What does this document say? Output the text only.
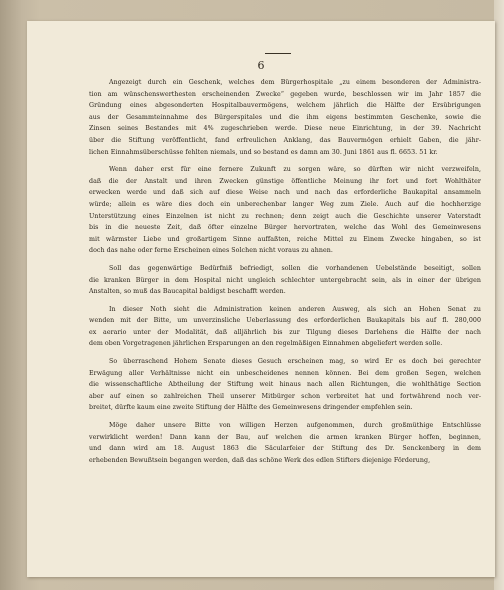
6
Angezeigt durch ein Geschenk, welches dem Bürgerhospitale „zu einem besonderen der Administra-
tion am wünschenswerthesten erscheinenden Zwecke“ gegeben wurde, beschlossen wir im Jahr 1857 die
Gründung eines abgesonderten Hospitalbauvermögens, welchem jährlich die Hälfte der Ersübrigungen
aus der Gesammteinnahme des Bürgerspitales und die ihm eigens bestimmten Geschenke, sowie die
Zinsen seines Bestandes mit 4% zugeschrieben werde. Diese neue Einrichtung, in der 39. Nachricht
über die Stiftung veröffentlicht, fand erfreulichen Anklang, das Bauvermögen erhielt Gaben, die jähr-
lichen Einnahmsüberschüsse fehlten niemals, und so bestand es damn am 30. Juni 1861 aus fl. 6653. 51 kr.
Wenn daher erst für eine fernere Zukunft zu sorgen wäre, so dürften wir nicht verzweifeln,
daß die der Anstalt und ihren Zwecken günstige öffentliche Meinung ihr fort und fort Wohlthäter
erwecken werde und daß sich auf diese Weise nach und nach das erforderliche Baukapital ansammeln
würde; allein es wäre dies doch ein unberechenbar langer Weg zum Ziele. Auch auf die hochherzige
Unterstützung eines Einzelnen ist nicht zu rechnen; denn zeigt auch die Geschichte unserer Vaterstadt
bis in die neueste Zeit, daß öfter einzelne Bürger hervortraten, welche das Wohl des Gemeinwesens
mit wärmster Liebe und großartigem Sinne auffaßten, reiche Mittel zu Einem Zwecke hingaben, so ist
doch das nahe oder ferne Erscheinen eines Solchen nicht voraus zu ahnen.
Soll das gegenwärtige Bedürfniß befriedigt, sollen die vorhandenen Uebelstände beseitigt, sollen
die kranken Bürger in dem Hospital nicht ungleich schlechter untergebracht sein, als in einer der übrigen
Anstalten, so muß das Baucapital baldigst beschafft werden.
In dieser Noth sieht die Administration keinen anderen Ausweg, als sich an Hohen Senat zu
wenden mit der Bitte, um unverzinsliche Ueberlassung des erforderlichen Baukapitals bis auf fl. 280,000
ex aerario unter der Modalität, daß alljährlich bis zur Tilgung dieses Darlehens die Hälfte der nach
dem oben Vorgetragenen jährlichen Ersparungen an den regelmäßigen Einnahmen abgeliefert werden solle.
So überraschend Hohem Senate dieses Gesuch erscheinen mag, so wird Er es doch bei gerechter
Erwägung aller Verhältnisse nicht ein unbescheidenes nennen können. Bei dem großen Segen, welchen
die wissenschaftliche Abtheilung der Stiftung weit hinaus nach allen Richtungen, die wohlthätige Section
aber auf einen so zahlreichen Theil unserer Mitbürger schon verbreitet hat und fortwährend noch ver-
breitet, dürfte kaum eine zweite Stiftung der Hälfte des Gemeinwesens dringender empfehlen sein.
Möge daher unsere Bitte von willigen Herzen aufgenommen, durch großmüthige Entschlüsse
verwirklicht werden! Dann kann der Bau, auf welchen die armen kranken Bürger hoffen, beginnen,
und dann wird am 18. August 1863 die Säcularfeier der Stiftung des Dr. Senckenberg in dem
erhebenden Bewußtsein begangen werden, daß das schöne Werk des edlen Stifters diejenige Förderung,
